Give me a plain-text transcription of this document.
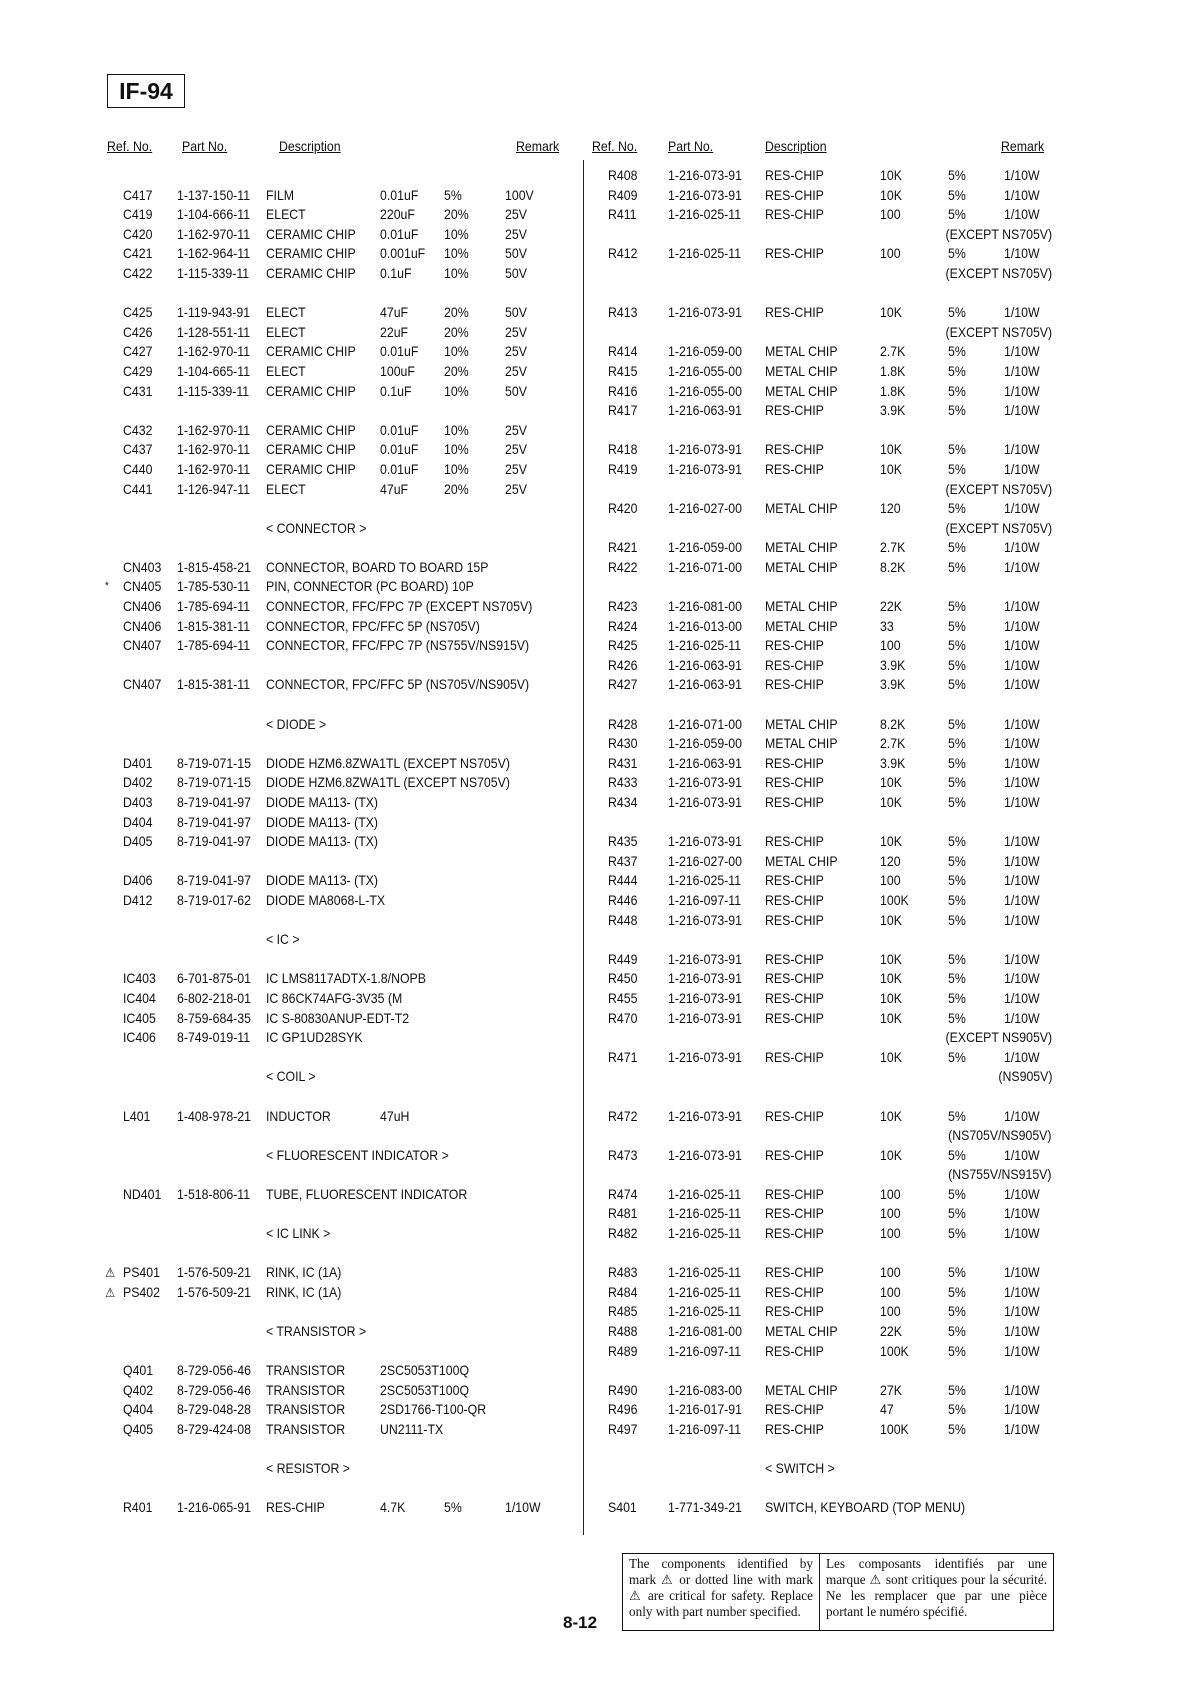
IF-94
Ref. No. Part No.	Description	Remark Ref. No. Part No.	Description	Remark
C417 1-137-150-11 FILM	0.01uF 5%	100V
C419 1-104-666-11 ELECT	220uF 20%	25V
C420 1-162-970-11 CERAMIC CHIP 0.01uF 10%	25V
C421 1-162-964-11 CERAMIC CHIP 0.001uF 10%	50V
C422 1-115-339-11 CERAMIC CHIP 0.1uF 10%	50V
C425 1-119-943-91 ELECT	47uF	20%	50V
C426 1-128-551-11 ELECT	22uF	20%	25V
C427 1-162-970-11 CERAMIC CHIP 0.01uF 10%	25V
C429 1-104-665-11 ELECT	100uF 20%	25V
C431 1-115-339-11 CERAMIC CHIP 0.1uF 10%	50V
C432 1-162-970-11 CERAMIC CHIP 0.01uF 10%	25V
C437 1-162-970-11 CERAMIC CHIP 0.01uF 10%	25V
C440 1-162-970-11 CERAMIC CHIP 0.01uF 10%	25V
C441 1-126-947-11 ELECT	47uF	20%	25V
< CONNECTOR >
CN403 1-815-458-21 CONNECTOR, BOARD TO BOARD 15P
* CN405 1-785-530-11 PIN, CONNECTOR (PC BOARD) 10P
CN406 1-785-694-11 CONNECTOR, FFC/FPC 7P (EXCEPT NS705V)
CN406 1-815-381-11 CONNECTOR, FPC/FFC 5P (NS705V)
CN407 1-785-694-11 CONNECTOR, FFC/FPC 7P (NS755V/NS915V)
CN407 1-815-381-11 CONNECTOR, FPC/FFC 5P (NS705V/NS905V)
< DIODE >
D401 8-719-071-15 DIODE HZM6.8ZWA1TL (EXCEPT NS705V)
D402 8-719-071-15 DIODE HZM6.8ZWA1TL (EXCEPT NS705V)
D403 8-719-041-97 DIODE MA113- (TX)
D404 8-719-041-97 DIODE MA113- (TX)
D405 8-719-041-97 DIODE MA113- (TX)
D406 8-719-041-97 DIODE MA113- (TX)
D412 8-719-017-62 DIODE MA8068-L-TX
< IC >
IC403 6-701-875-01 IC LMS8117ADTX-1.8/NOPB
IC404 6-802-218-01 IC 86CK74AFG-3V35 (M
IC405 8-759-684-35 IC S-80830ANUP-EDT-T2
IC406 8-749-019-11 IC GP1UD28SYK
< COIL >
L401 1-408-978-21 INDUCTOR	47uH
< FLUORESCENT INDICATOR >
ND401 1-518-806-11 TUBE, FLUORESCENT INDICATOR
< IC LINK >
⚠ PS401 1-576-509-21 RINK, IC (1A)
⚠ PS402 1-576-509-21 RINK, IC (1A)
< TRANSISTOR >
Q401 8-729-056-46 TRANSISTOR 2SC5053T100Q
Q402 8-729-056-46 TRANSISTOR 2SC5053T100Q
Q404 8-729-048-28 TRANSISTOR 2SD1766-T100-QR
Q405 8-729-424-08 TRANSISTOR UN2111-TX
< RESISTOR >
R401 1-216-065-91 RES-CHIP	4.7K	5%	1/10W
R408 1-216-073-91 RES-CHIP	10K	5%	1/10W
R409 1-216-073-91 RES-CHIP	10K	5%	1/10W
R411 1-216-025-11 RES-CHIP	100	5%	1/10W
(EXCEPT NS705V)
R412 1-216-025-11 RES-CHIP	100	5%	1/10W
(EXCEPT NS705V)
R413 1-216-073-91 RES-CHIP	10K	5%	1/10W
(EXCEPT NS705V)
R414 1-216-059-00 METAL CHIP	2.7K	5%	1/10W
R415 1-216-055-00 METAL CHIP	1.8K	5%	1/10W
R416 1-216-055-00 METAL CHIP	1.8K	5%	1/10W
R417 1-216-063-91 RES-CHIP	3.9K	5%	1/10W
R418 1-216-073-91 RES-CHIP	10K	5%	1/10W
R419 1-216-073-91 RES-CHIP	10K	5%	1/10W
(EXCEPT NS705V)
R420 1-216-027-00 METAL CHIP	120	5%	1/10W
(EXCEPT NS705V)
R421 1-216-059-00 METAL CHIP	2.7K	5%	1/10W
R422 1-216-071-00 METAL CHIP	8.2K	5%	1/10W
R423 1-216-081-00 METAL CHIP	22K	5%	1/10W
R424 1-216-013-00 METAL CHIP	33	5%	1/10W
R425 1-216-025-11 RES-CHIP	100	5%	1/10W
R426 1-216-063-91 RES-CHIP	3.9K	5%	1/10W
R427 1-216-063-91 RES-CHIP	3.9K	5%	1/10W
R428 1-216-071-00 METAL CHIP	8.2K	5%	1/10W
R430 1-216-059-00 METAL CHIP	2.7K	5%	1/10W
R431 1-216-063-91 RES-CHIP	3.9K	5%	1/10W
R433 1-216-073-91 RES-CHIP	10K	5%	1/10W
R434 1-216-073-91 RES-CHIP	10K	5%	1/10W
R435 1-216-073-91 RES-CHIP	10K	5%	1/10W
R437 1-216-027-00 METAL CHIP	120	5%	1/10W
R444 1-216-025-11 RES-CHIP	100	5%	1/10W
R446 1-216-097-11 RES-CHIP	100K	5%	1/10W
R448 1-216-073-91 RES-CHIP	10K	5%	1/10W
R449 1-216-073-91 RES-CHIP	10K	5%	1/10W
R450 1-216-073-91 RES-CHIP	10K	5%	1/10W
R455 1-216-073-91 RES-CHIP	10K	5%	1/10W
R470 1-216-073-91 RES-CHIP	10K	5%	1/10W
(EXCEPT NS905V)
R471 1-216-073-91 RES-CHIP	10K	5%	1/10W
(NS905V)
R472 1-216-073-91 RES-CHIP	10K	5%	1/10W
(NS705V/NS905V)
R473 1-216-073-91 RES-CHIP	10K	5%	1/10W
(NS755V/NS915V)
R474 1-216-025-11 RES-CHIP	100	5%	1/10W
R481 1-216-025-11 RES-CHIP	100	5%	1/10W
R482 1-216-025-11 RES-CHIP	100	5%	1/10W
R483 1-216-025-11 RES-CHIP	100	5%	1/10W
R484 1-216-025-11 RES-CHIP	100	5%	1/10W
R485 1-216-025-11 RES-CHIP	100	5%	1/10W
R488 1-216-081-00 METAL CHIP	22K	5%	1/10W
R489 1-216-097-11 RES-CHIP	100K	5%	1/10W
R490 1-216-083-00 METAL CHIP	27K	5%	1/10W
R496 1-216-017-91 RES-CHIP	47	5%	1/10W
R497 1-216-097-11 RES-CHIP	100K	5%	1/10W
< SWITCH >
S401 1-771-349-21 SWITCH, KEYBOARD (TOP MENU)
The components identified by mark ⚠ or dotted line with mark ⚠ are critical for safety. Replace only with part number specified.
Les composants identifiés par une marque ⚠ sont critiques pour la sécurité. Ne les remplacer que par une pièce portant le numéro spécifié.
8-12
